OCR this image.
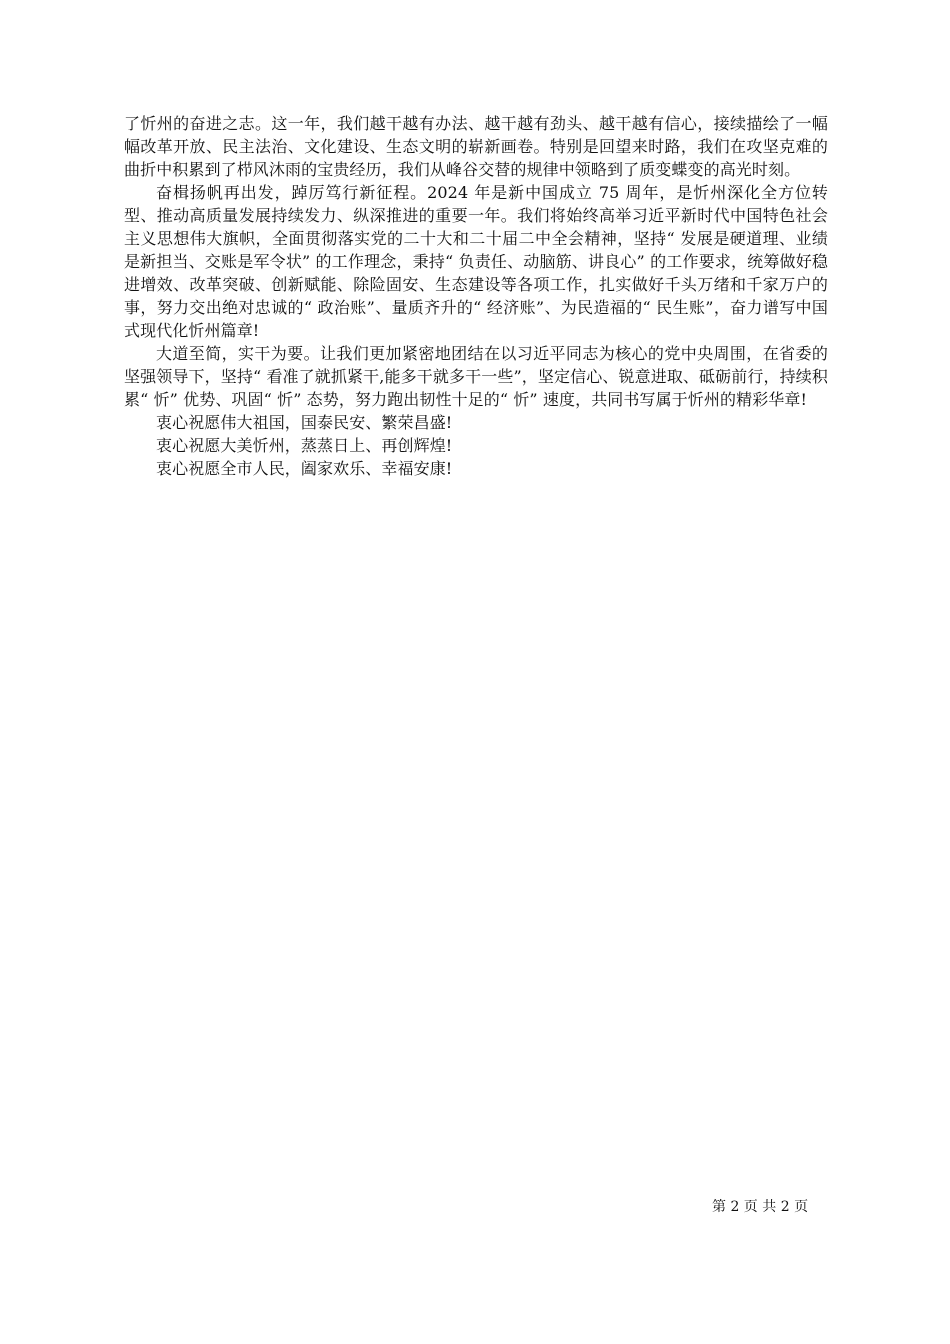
了忻州的奋进之志。这一年，我们越干越有办法、越干越有劲头、越干越有信心，接续描绘了一幅幅改革开放、民主法治、文化建设、生态文明的崭新画卷。特别是回望来时路，我们在攻坚克难的曲折中积累到了栉风沐雨的宝贵经历，我们从峰谷交替的规律中领略到了质变蝶变的高光时刻。

奋楫扬帆再出发，踔厉笃行新征程。2024 年是新中国成立 75 周年，是忻州深化全方位转型、推动高质量发展持续发力、纵深推进的重要一年。我们将始终高举习近平新时代中国特色社会主义思想伟大旗帜，全面贯彻落实党的二十大和二十届二中全会精神，坚持“ 发展是硬道理、业绩是新担当、交账是军令状” 的工作理念，秉持“ 负责任、动脑筋、讲良心” 的工作要求，统筹做好稳进增效、改革突破、创新赋能、除险固安、生态建设等各项工作，扎实做好千头万绪和千家万户的事，努力交出绝对忠诚的“ 政治账”、量质齐升的“ 经济账”、为民造福的“ 民生账”，奋力谱写中国式现代化忻州篇章!

大道至简，实干为要。让我们更加紧密地团结在以习近平同志为核心的党中央周围，在省委的坚强领导下，坚持“ 看准了就抓紧干,能多干就多干一些”，坚定信心、锐意进取、砥砺前行，持续积累“ 忻” 优势、巩固“ 忻” 态势，努力跑出韧性十足的“ 忻” 速度，共同书写属于忻州的精彩华章!

衷心祝愿伟大祖国，国泰民安、繁荣昌盛!

衷心祝愿大美忻州，蒸蒸日上、再创辉煌!

衷心祝愿全市人民，阖家欢乐、幸福安康!

第 2 页 共 2 页
